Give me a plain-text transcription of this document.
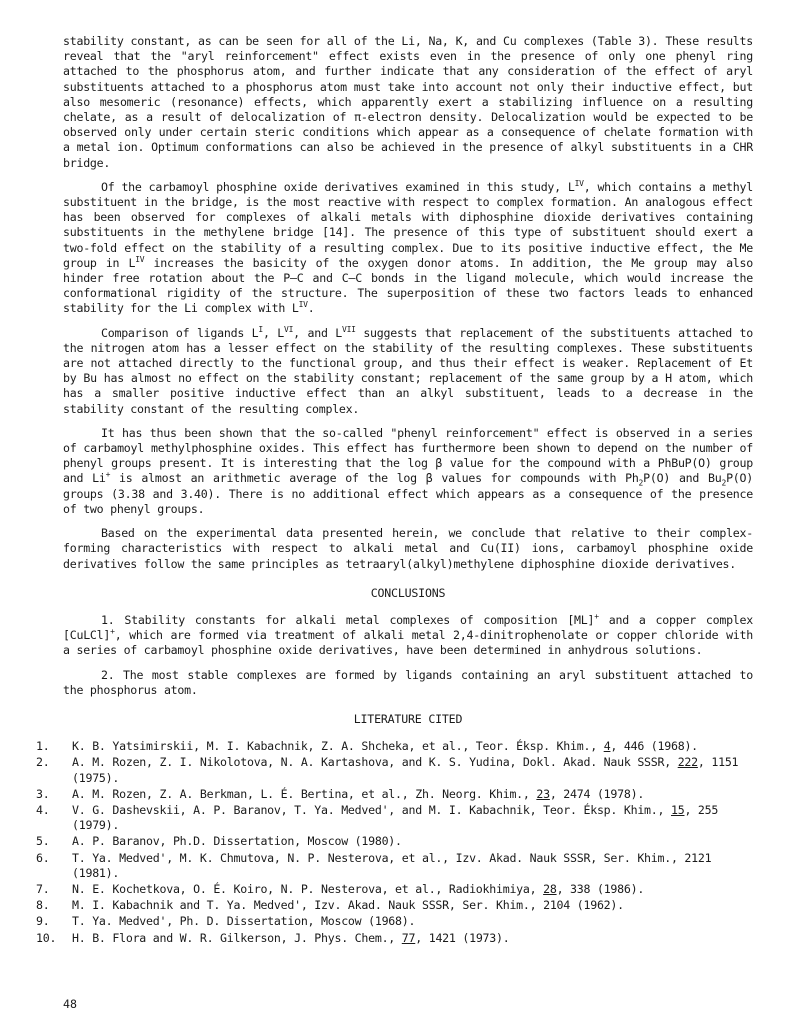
stability constant, as can be seen for all of the Li, Na, K, and Cu complexes (Table 3). These results reveal that the "aryl reinforcement" effect exists even in the presence of only one phenyl ring attached to the phosphorus atom, and further indicate that any consideration of the effect of aryl substituents attached to a phosphorus atom must take into account not only their inductive effect, but also mesomeric (resonance) effects, which apparently exert a stabilizing influence on a resulting chelate, as a result of delocalization of π-electron density. Delocalization would be expected to be observed only under certain steric conditions which appear as a consequence of chelate formation with a metal ion. Optimum conformations can also be achieved in the presence of alkyl substituents in a CHR bridge.

Of the carbamoyl phosphine oxide derivatives examined in this study, $L^{IV}$, which contains a methyl substituent in the bridge, is the most reactive with respect to complex formation. An analogous effect has been observed for complexes of alkali metals with diphosphine dioxide derivatives containing substituents in the methylene bridge [14]. The presence of this type of substituent should exert a two-fold effect on the stability of a resulting complex. Due to its positive inductive effect, the Me group in $L^{IV}$ increases the basicity of the oxygen donor atoms. In addition, the Me group may also hinder free rotation about the P–C and C–C bonds in the ligand molecule, which would increase the conformational rigidity of the structure. The superposition of these two factors leads to enhanced stability for the Li complex with $L^{IV}$.

Comparison of ligands $L^I$, $L^{VI}$, and $L^{VII}$ suggests that replacement of the substituents attached to the nitrogen atom has a lesser effect on the stability of the resulting complexes. These substituents are not attached directly to the functional group, and thus their effect is weaker. Replacement of Et by Bu has almost no effect on the stability constant; replacement of the same group by a H atom, which has a smaller positive inductive effect than an alkyl substituent, leads to a decrease in the stability constant of the resulting complex.

It has thus been shown that the so-called "phenyl reinforcement" effect is observed in a series of carbamoyl methylphosphine oxides. This effect has furthermore been shown to depend on the number of phenyl groups present. It is interesting that the log β value for the compound with a PhBuP(O) group and Li+ is almost an arithmetic average of the log β values for compounds with $Ph_2P(O)$ and $Bu_2P(O)$ groups (3.38 and 3.40). There is no additional effect which appears as a consequence of the presence of two phenyl groups.

Based on the experimental data presented herein, we conclude that relative to their complex-forming characteristics with respect to alkali metal and Cu(II) ions, carbamoyl phosphine oxide derivatives follow the same principles as tetraaryl(alkyl)methylene diphosphine dioxide derivatives.

CONCLUSIONS

1. Stability constants for alkali metal complexes of composition [ML]+ and a copper complex [CuLCl]+, which are formed via treatment of alkali metal 2,4-dinitrophenolate or copper chloride with a series of carbamoyl phosphine oxide derivatives, have been determined in anhydrous solutions.

2. The most stable complexes are formed by ligands containing an aryl substituent attached to the phosphorus atom.

LITERATURE CITED
1.	K. B. Yatsimirskii, M. I. Kabachnik, Z. A. Shcheka, et al., Teor. Éksp. Khim., 4, 446 (1968).
2.	A. M. Rozen, Z. I. Nikolotova, N. A. Kartashova, and K. S. Yudina, Dokl. Akad. Nauk SSSR, 222, 1151 (1975).
3.	A. M. Rozen, Z. A. Berkman, L. É. Bertina, et al., Zh. Neorg. Khim., 23, 2474 (1978).
4.	V. G. Dashevskii, A. P. Baranov, T. Ya. Medved', and M. I. Kabachnik, Teor. Éksp. Khim., 15, 255 (1979).
5.	A. P. Baranov, Ph.D. Dissertation, Moscow (1980).
6.	T. Ya. Medved', M. K. Chmutova, N. P. Nesterova, et al., Izv. Akad. Nauk SSSR, Ser. Khim., 2121 (1981).
7.	N. E. Kochetkova, O. É. Koiro, N. P. Nesterova, et al., Radiokhimiya, 28, 338 (1986).
8.	M. I. Kabachnik and T. Ya. Medved', Izv. Akad. Nauk SSSR, Ser. Khim., 2104 (1962).
9.	T. Ya. Medved', Ph. D. Dissertation, Moscow (1968).
10.	H. B. Flora and W. R. Gilkerson, J. Phys. Chem., 77, 1421 (1973).
48
